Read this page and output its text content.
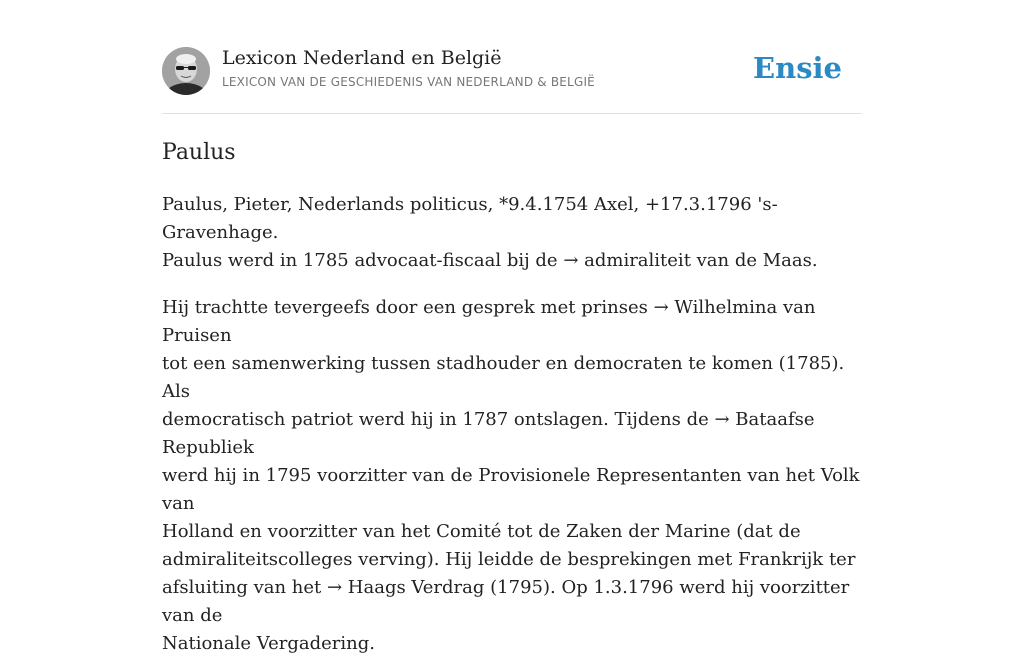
Lexicon Nederland en België
LEXICON VAN DE GESCHIEDENIS VAN NEDERLAND & BELGIË	Ensie
Paulus
Paulus, Pieter, Nederlands politicus, *9.4.1754 Axel, +17.3.1796 's-Gravenhage.
Paulus werd in 1785 advocaat-fiscaal bij de → admiraliteit van de Maas.
Hij trachtte tevergeefs door een gesprek met prinses → Wilhelmina van Pruisen
tot een samenwerking tussen stadhouder en democraten te komen (1785). Als
democratisch patriot werd hij in 1787 ontslagen. Tijdens de → Bataafse Republiek
werd hij in 1795 voorzitter van de Provisionele Representanten van het Volk van
Holland en voorzitter van het Comité tot de Zaken der Marine (dat de
admiraliteitscolleges verving). Hij leidde de besprekingen met Frankrijk ter
afsluiting van het → Haags Verdrag (1795). Op 1.3.1796 werd hij voorzitter van de
Nationale Vergadering.
